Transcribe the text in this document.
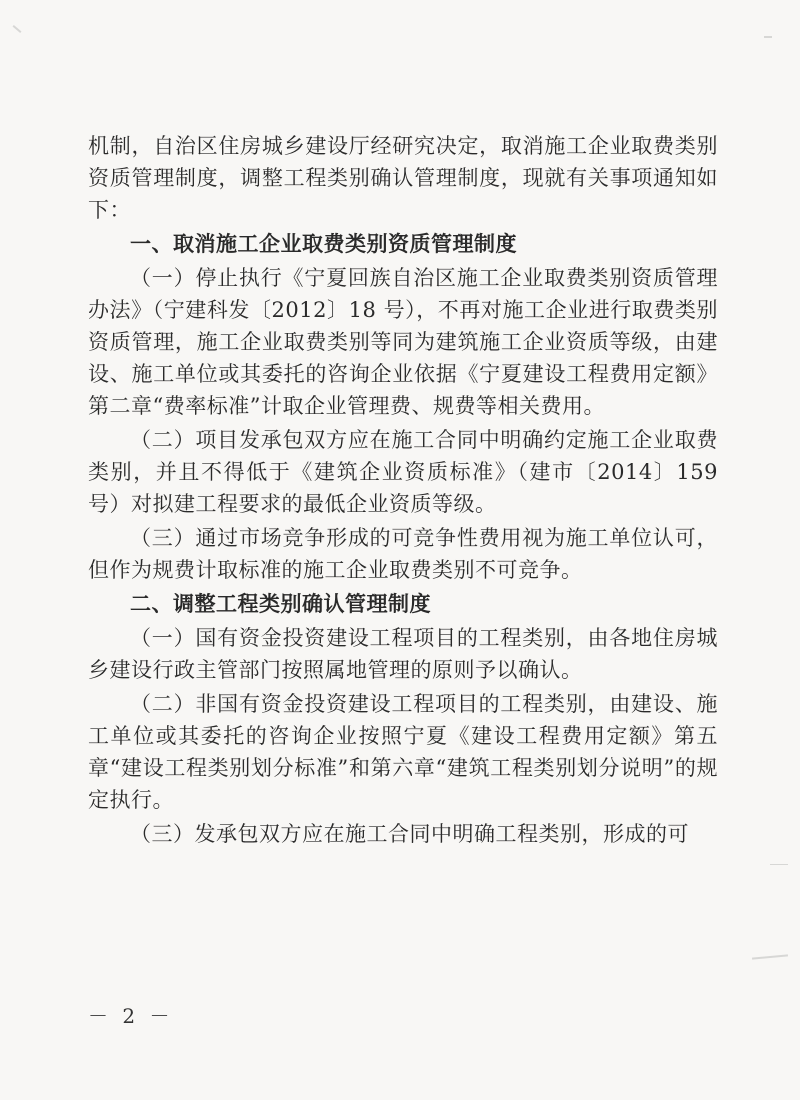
机制，自治区住房城乡建设厅经研究决定，取消施工企业取费类别资质管理制度，调整工程类别确认管理制度，现就有关事项通知如下：

一、取消施工企业取费类别资质管理制度

（一）停止执行《宁夏回族自治区施工企业取费类别资质管理办法》（宁建科发〔2012〕18 号），不再对施工企业进行取费类别资质管理，施工企业取费类别等同为建筑施工企业资质等级，由建设、施工单位或其委托的咨询企业依据《宁夏建设工程费用定额》第二章“费率标准”计取企业管理费、规费等相关费用。

（二）项目发承包双方应在施工合同中明确约定施工企业取费类别，并且不得低于《建筑企业资质标准》（建市〔2014〕159 号）对拟建工程要求的最低企业资质等级。

（三）通过市场竞争形成的可竞争性费用视为施工单位认可，但作为规费计取标准的施工企业取费类别不可竞争。

二、调整工程类别确认管理制度

（一）国有资金投资建设工程项目的工程类别，由各地住房城乡建设行政主管部门按照属地管理的原则予以确认。

（二）非国有资金投资建设工程项目的工程类别，由建设、施工单位或其委托的咨询企业按照宁夏《建设工程费用定额》第五章“建设工程类别划分标准”和第六章“建筑工程类别划分说明”的规定执行。

（三）发承包双方应在施工合同中明确工程类别，形成的可

－ 2 －
